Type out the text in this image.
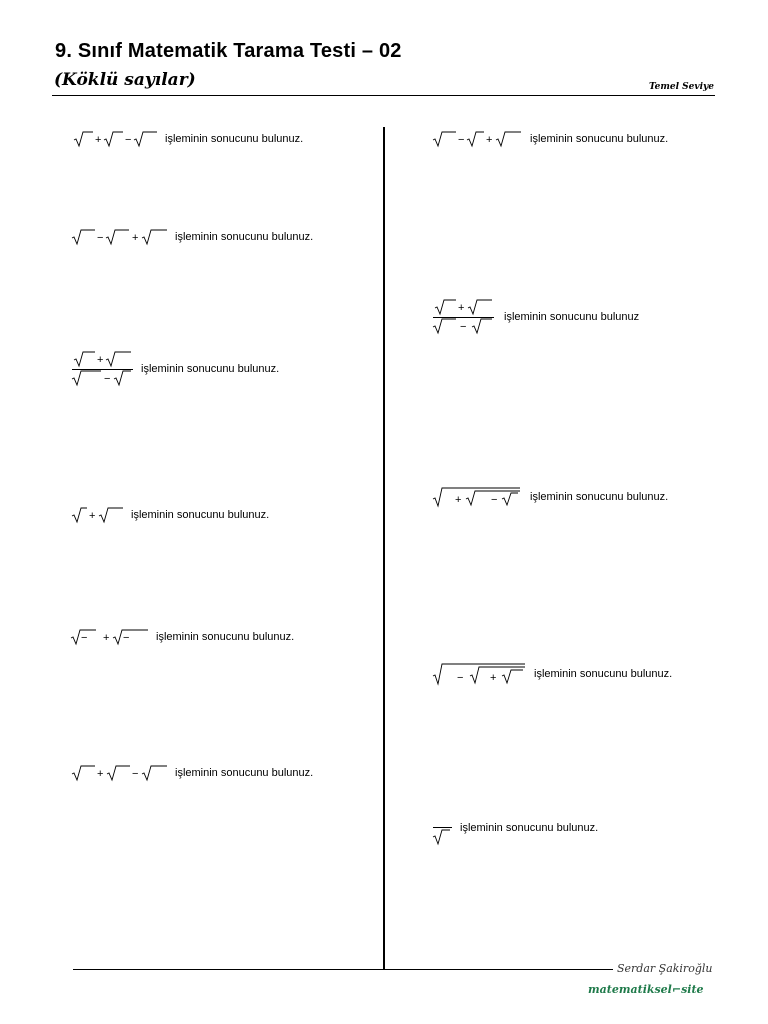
9. Sınıf Matematik Tarama Testi – 02
(Köklü sayılar)	Temel Seviye
+ −	işleminin sonucunu bulunuz.
−	+	işleminin sonucunu bulunuz.
+
−
işleminin sonucunu bulunuz.
+	işleminin sonucunu bulunuz.
− + − işleminin sonucunu bulunuz.
+	−	işleminin sonucunu bulunuz.
− +	işleminin sonucunu bulunuz.
+
−
işleminin sonucunu bulunuz
+	−	işleminin sonucunu bulunuz.
− +	işleminin sonucunu bulunuz.
işleminin sonucunu bulunuz.
Serdar Şakiroğlu
matematiksel⌐site
